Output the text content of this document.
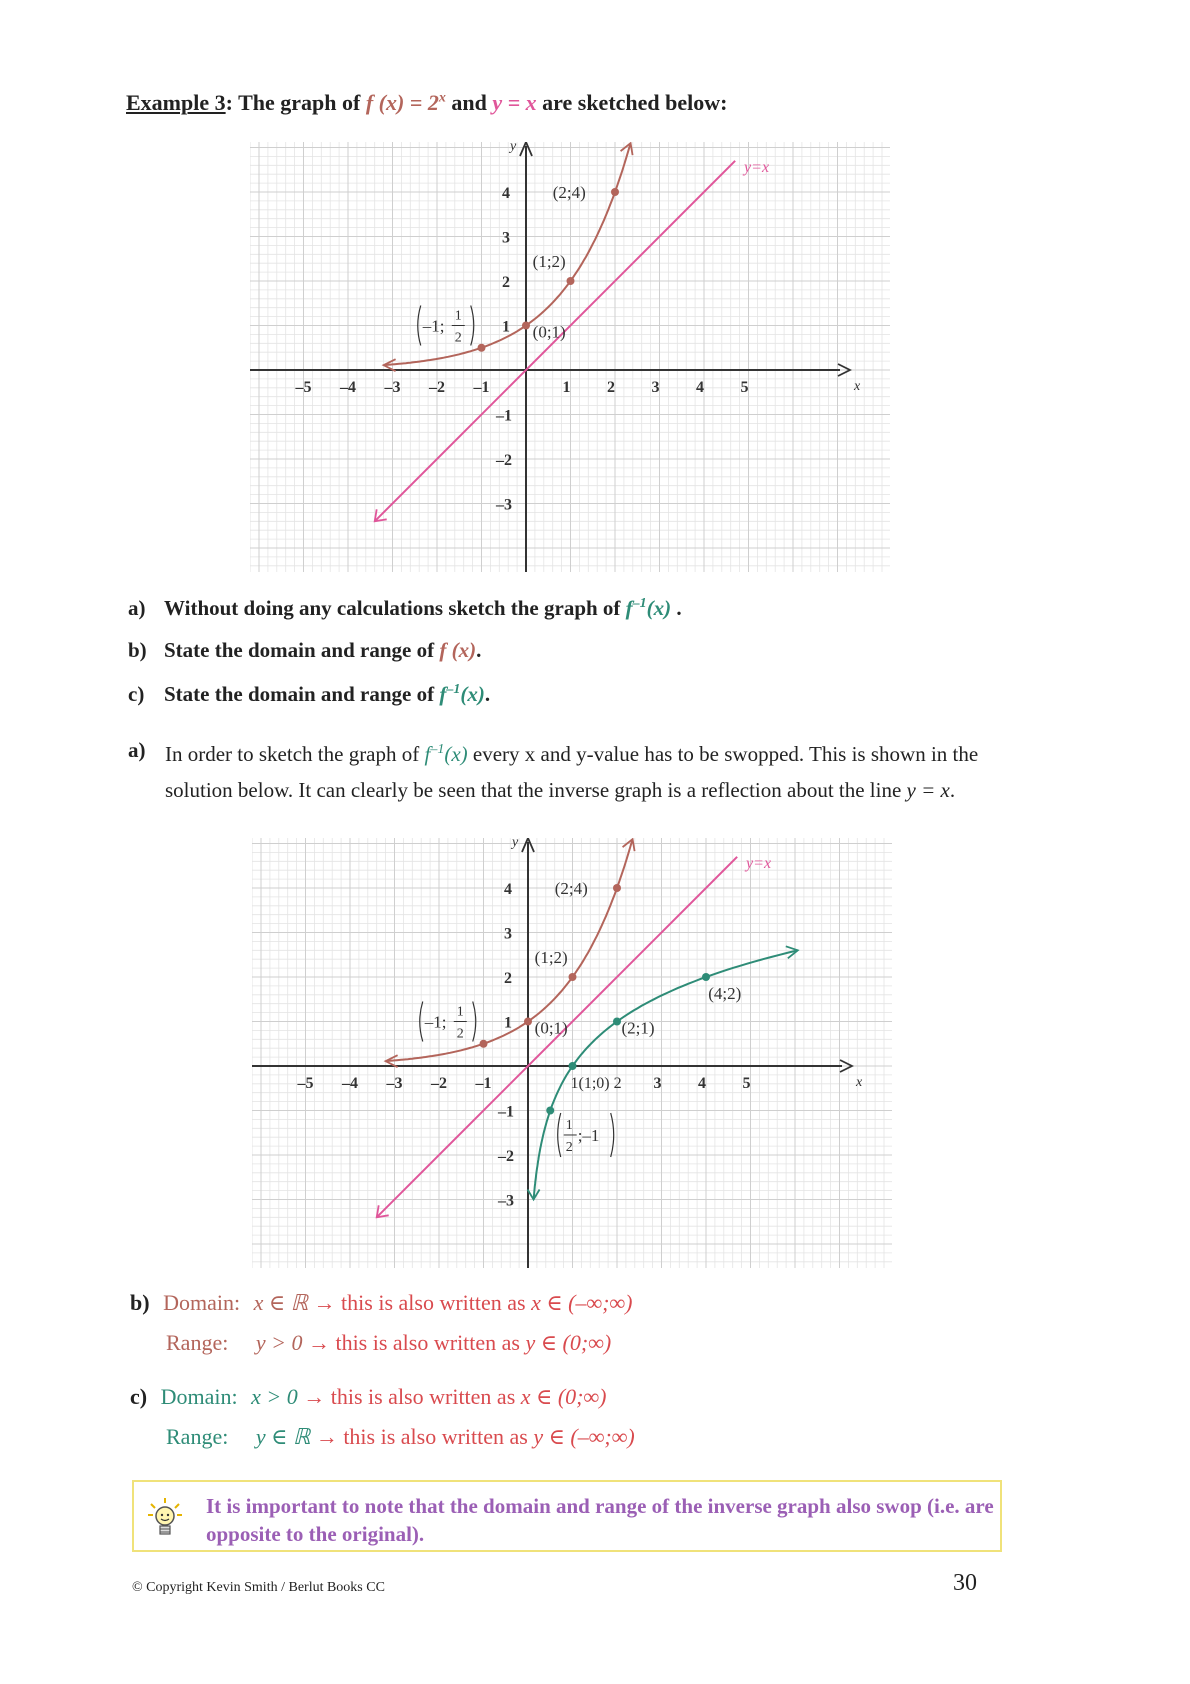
Example 3: The graph of f $(x) = 2^x$ and y = x are sketched below:
x
y
–5 –4 –3 –2 –1	1 2 3 4 5
–3
–2
–1
1
2
3
4
y=x
(2;4)
(1;2)
(0;1)
–1;
1
2
a) Without doing any calculations sketch the graph of $f^{-1}(x)$ .
b) State the domain and range of f (x).
c) State the domain and range of $f^{-1}(x)$.
a) In order to sketch the graph of $f^{-1}(x)$ every x and y-value has to be swopped. This is shown in the solution below. It can clearly be seen that the inverse graph is a reflection about the line y = x.
x
y
–5 –4 –3 –2 –1	3 4 5
–3
–2
–1
1
2
3
4
y=x
(2;4)
(1;2)
(0;1)
–1;
1
2
(4;2)
(2;1)
1(1;0) 2
1
2
;–1
b) Domain: x ∈ ℝ → this is also written as x ∈ (–∞;∞)
Range: y > 0 → this is also written as y ∈ (0;∞)
c) Domain: x > 0 → this is also written as x ∈ (0;∞)
Range: y ∈ ℝ → this is also written as y ∈ (–∞;∞)
It is important to note that the domain and range of the inverse graph also swop (i.e. are opposite to the original).
© Copyright Kevin Smith / Berlut Books CC	30
